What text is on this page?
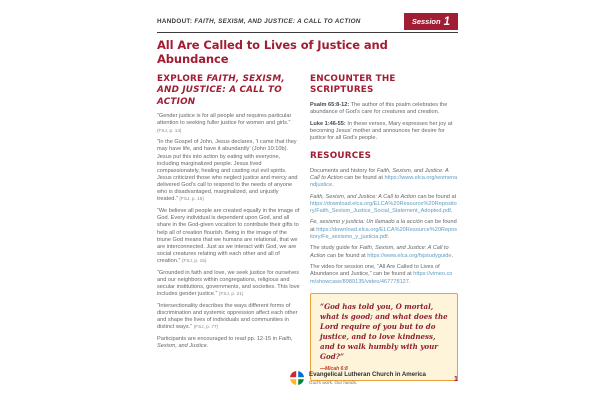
HANDOUT: FAITH, SEXISM, AND JUSTICE: A CALL TO ACTION	Session 1
All Are Called to Lives of Justice and Abundance
EXPLORE FAITH, SEXISM, AND JUSTICE: A CALL TO ACTION

“Gender justice is for all people and requires particular attention to seeking fuller justice for women and girls.” (FSJ, p. 14)

“In the Gospel of John, Jesus declares, ‘I came that they may have life, and have it abundantly’ (John 10:10b). Jesus put this into action by eating with everyone, including marginalized people. Jesus lived compassionately, healing and casting out evil spirits. Jesus criticized those who neglect justice and mercy and delivered God’s call to respond to the needs of anyone who is disadvantaged, marginalized, and unjustly treated.” (FSJ, p. 15)

“We believe all people are created equally in the image of God. Every individual is dependent upon God, and all share in the God-given vocation to contribute their gifts to help all of creation flourish. Being in the image of the triune God means that we humans are relational, that we are interconnected. Just as we interact with God, we are social creatures relating with each other and all of creation.” (FSJ, p. 15)

“Grounded in faith and love, we seek justice for ourselves and our neighbors within congregations, religious and secular institutions, governments, and societies. This love includes gender justice.” (FSJ, p. 21)

“Intersectionality describes the ways different forms of discrimination and systemic oppression affect each other and shape the lives of individuals and communities in distinct ways.” (FSJ, p. 77)

Participants are encouraged to read pp. 12-15 in Faith, Sexism, and Justice.

ENCOUNTER THE SCRIPTURES

Psalm 65:8-12: The author of this psalm celebrates the abundance of God’s care for creatures and creation.

Luke 1:46-55: In these verses, Mary expresses her joy at becoming Jesus’ mother and announces her desire for justice for all God’s people.

RESOURCES

Documents and history for Faith, Sexism, and Justice: A Call to Action can be found at https://www.elca.org/womenandjustice.

Faith, Sexism, and Justice: A Call to Action can be found at https://download.elca.org/ELCA%20Resource%20Repository/Faith_Sexism_Justice_Social_Statement_Adopted.pdf.

Fe, sexismo y justicia: Un llamado a la acción can be found at https://download.elca.org/ELCA%20Resource%20Repository/Fe_sexismo_y_justicia.pdf.

The study guide for Faith, Sexism, and Justice: A Call to Action can be found at https://www.elca.org/fsjstudyguide.

The video for session one, “All Are Called to Lives of Abundance and Justice,” can be found at https://vimeo.com/showcase/8989135/video/467778127.

“God has told you, O mortal, what is good; and what does the Lord require of you but to do justice, and to love kindness, and to walk humbly with your God?”

—Micah 6:8

Evangelical Lutheran Church in America
God’s work. Our hands.	1
